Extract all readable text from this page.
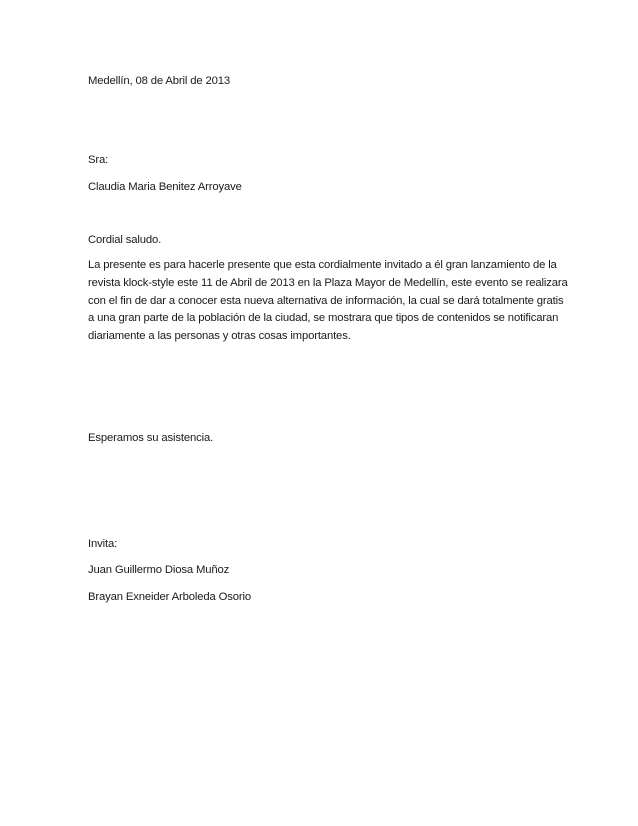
Medellín, 08 de Abril de 2013
Sra:
Claudia Maria Benitez Arroyave
Cordial saludo.
La presente es para hacerle presente que esta cordialmente invitado a él gran lanzamiento de la
revista klock-style este 11 de Abril de 2013 en la Plaza Mayor de Medellín, este evento se realizara
con el fin de dar a conocer esta nueva alternativa de información, la cual se dará totalmente gratis
a una gran parte de la población de la ciudad, se mostrara que tipos de contenidos se notificaran
diariamente a las personas y otras cosas importantes.
Esperamos su asistencia.
Invita:
Juan Guillermo Diosa Muñoz
Brayan Exneider Arboleda Osorio
